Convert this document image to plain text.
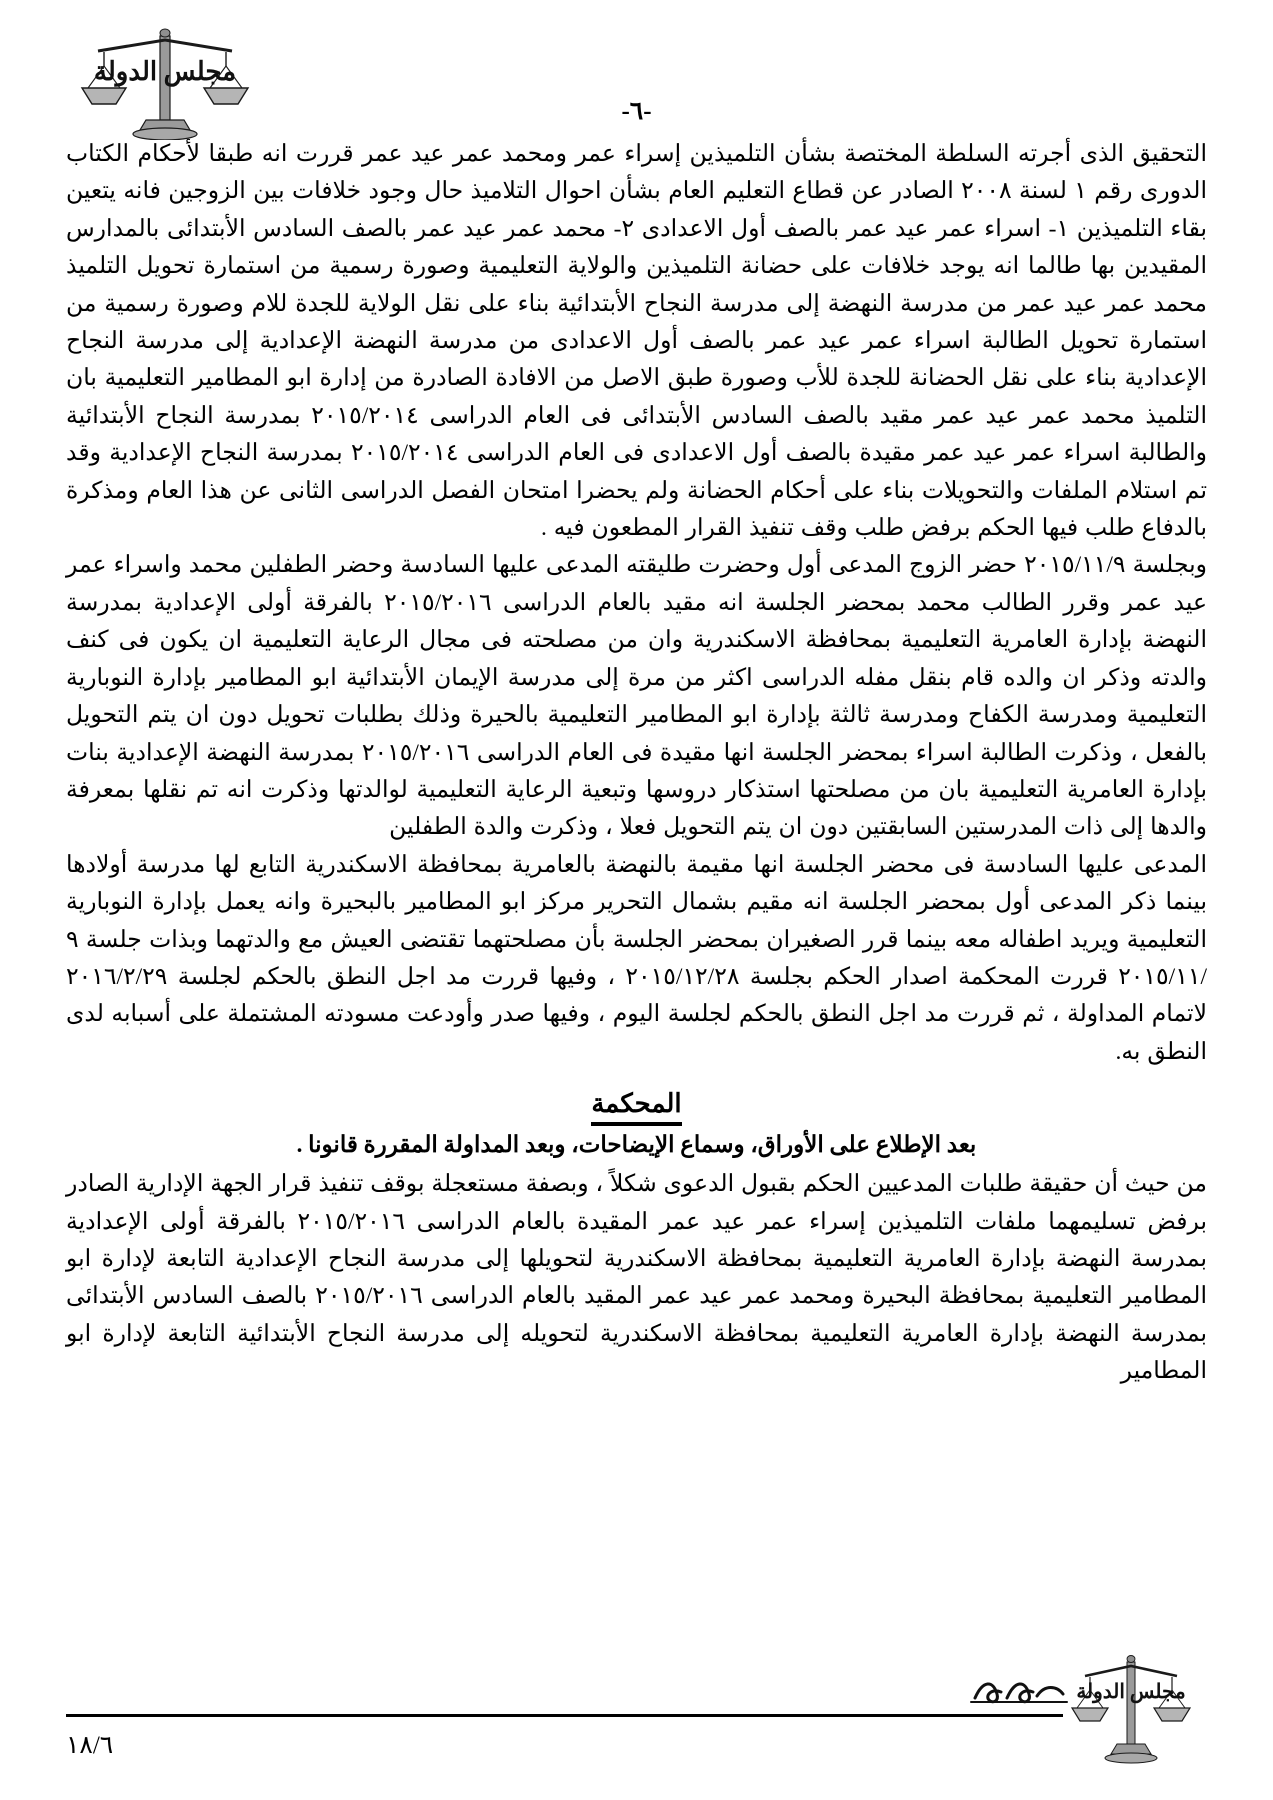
مجلس الدولة
-٦-

التحقيق الذى أجرته السلطة المختصة بشأن التلميذين إسراء عمر ومحمد عمر عيد عمر قررت انه طبقا لأحكام الكتاب الدورى رقم ١ لسنة ٢٠٠٨ الصادر عن قطاع التعليم العام بشأن احوال التلاميذ حال وجود خلافات بين الزوجين فانه يتعين بقاء التلميذين ١- اسراء عمر عيد عمر بالصف أول الاعدادى ٢- محمد عمر عيد عمر بالصف السادس الأبتدائى بالمدارس المقيدين بها طالما انه يوجد خلافات على حضانة التلميذين والولاية التعليمية وصورة رسمية من استمارة تحويل التلميذ محمد عمر عيد عمر من مدرسة النهضة إلى مدرسة النجاح الأبتدائية بناء على نقل الولاية للجدة للام وصورة رسمية من استمارة تحويل الطالبة اسراء عمر عيد عمر بالصف أول الاعدادى من مدرسة النهضة الإعدادية إلى مدرسة النجاح الإعدادية بناء على نقل الحضانة للجدة للأب وصورة طبق الاصل من الافادة الصادرة من إدارة ابو المطامير التعليمية بان التلميذ محمد عمر عيد عمر مقيد بالصف السادس الأبتدائى فى العام الدراسى ٢٠١٥/٢٠١٤ بمدرسة النجاح الأبتدائية والطالبة اسراء عمر عيد عمر مقيدة بالصف أول الاعدادى فى العام الدراسى ٢٠١٥/٢٠١٤ بمدرسة النجاح الإعدادية وقد تم استلام الملفات والتحويلات بناء على أحكام الحضانة ولم يحضرا امتحان الفصل الدراسى الثانى عن هذا العام ومذكرة بالدفاع طلب فيها الحكم برفض طلب وقف تنفيذ القرار المطعون فيه .

وبجلسة ٢٠١٥/١١/٩ حضر الزوج المدعى أول وحضرت طليقته المدعى عليها السادسة وحضر الطفلين محمد واسراء عمر عيد عمر وقرر الطالب محمد بمحضر الجلسة انه مقيد بالعام الدراسى ٢٠١٥/٢٠١٦ بالفرقة أولى الإعدادية بمدرسة النهضة بإدارة العامرية التعليمية بمحافظة الاسكندرية وان من مصلحته فى مجال الرعاية التعليمية ان يكون فى كنف والدته وذكر ان والده قام بنقل مفله الدراسى اكثر من مرة إلى مدرسة الإيمان الأبتدائية ابو المطامير بإدارة النوبارية التعليمية ومدرسة الكفاح ومدرسة ثالثة بإدارة ابو المطامير التعليمية بالحيرة وذلك بطلبات تحويل دون ان يتم التحويل بالفعل ، وذكرت الطالبة اسراء بمحضر الجلسة انها مقيدة فى العام الدراسى ٢٠١٥/٢٠١٦ بمدرسة النهضة الإعدادية بنات بإدارة العامرية التعليمية بان من مصلحتها استذكار دروسها وتبعية الرعاية التعليمية لوالدتها وذكرت انه تم نقلها بمعرفة والدها إلى ذات المدرستين السابقتين دون ان يتم التحويل فعلا ، وذكرت والدة الطفلين

المدعى عليها السادسة فى محضر الجلسة انها مقيمة بالنهضة بالعامرية بمحافظة الاسكندرية التابع لها مدرسة أولادها بينما ذكر المدعى أول بمحضر الجلسة انه مقيم بشمال التحرير مركز ابو المطامير بالبحيرة وانه يعمل بإدارة النوبارية التعليمية ويريد اطفاله معه بينما قرر الصغيران بمحضر الجلسة بأن مصلحتهما تقتضى العيش مع والدتهما وبذات جلسة ٩ /٢٠١٥/١١ قررت المحكمة اصدار الحكم بجلسة ٢٠١٥/١٢/٢٨ ، وفيها قررت مد اجل النطق بالحكم لجلسة ٢٠١٦/٢/٢٩ لاتمام المداولة ، ثم قررت مد اجل النطق بالحكم لجلسة اليوم ، وفيها صدر وأودعت مسودته المشتملة على أسبابه لدى النطق به.

المحكمة
بعد الإطلاع على الأوراق، وسماع الإيضاحات، وبعد المداولة المقررة قانونا .

من حيث أن حقيقة طلبات المدعيين الحكم بقبول الدعوى شكلاً ، وبصفة مستعجلة بوقف تنفيذ قرار الجهة الإدارية الصادر برفض تسليمهما ملفات التلميذين إسراء عمر عيد عمر المقيدة بالعام الدراسى ٢٠١٥/٢٠١٦ بالفرقة أولى الإعدادية بمدرسة النهضة بإدارة العامرية التعليمية بمحافظة الاسكندرية لتحويلها إلى مدرسة النجاح الإعدادية التابعة لإدارة ابو المطامير التعليمية بمحافظة البحيرة ومحمد عمر عيد عمر المقيد بالعام الدراسى ٢٠١٥/٢٠١٦ بالصف السادس الأبتدائى بمدرسة النهضة بإدارة العامرية التعليمية بمحافظة الاسكندرية لتحويله إلى مدرسة النجاح الأبتدائية التابعة لإدارة ابو المطامير

مجلس الدولة
١٨/٦
